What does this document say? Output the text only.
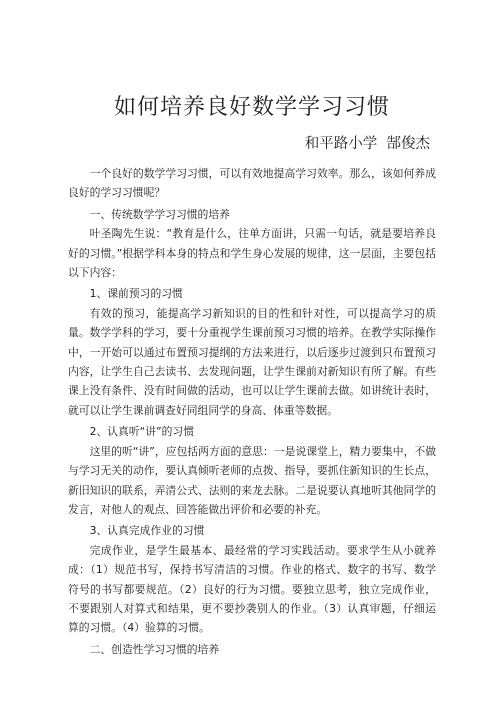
如何培养良好数学学习习惯
和平路小学  郜俊杰

一个良好的数学学习习惯，可以有效地提高学习效率。那么，该如何养成良好的学习习惯呢？

一、传统数学学习习惯的培养

叶圣陶先生说：“教育是什么，往单方面讲，只需一句话，就是要培养良好的习惯。”根据学科本身的特点和学生身心发展的规律，这一层面，主要包括以下内容：

1、课前预习的习惯

有效的预习，能提高学习新知识的目的性和针对性，可以提高学习的质量。数学学科的学习，要十分重视学生课前预习习惯的培养。在教学实际操作中，一开始可以通过布置预习提纲的方法来进行，以后逐步过渡到只布置预习内容，让学生自己去读书、去发现问题，让学生课前对新知识有所了解。有些课上没有条件、没有时间做的活动，也可以让学生课前去做。如讲统计表时，就可以让学生课前调查好同组同学的身高、体重等数据。

2、认真听“讲”的习惯

这里的听“讲”，应包括两方面的意思：一是说课堂上，精力要集中，不做与学习无关的动作，要认真倾听老师的点拨、指导，要抓住新知识的生长点，新旧知识的联系，弄清公式、法则的来龙去脉。二是说要认真地听其他同学的发言，对他人的观点、回答能做出评价和必要的补充。

3、认真完成作业的习惯

完成作业，是学生最基本、最经常的学习实践活动。要求学生从小就养成：（1）规范书写，保持书写清洁的习惯。作业的格式、数字的书写、数学符号的书写都要规范。（2）良好的行为习惯。要独立思考，独立完成作业，不要跟别人对算式和结果，更不要抄袭别人的作业。（3）认真审题，仔细运算的习惯。（4）验算的习惯。

二、创造性学习习惯的培养
